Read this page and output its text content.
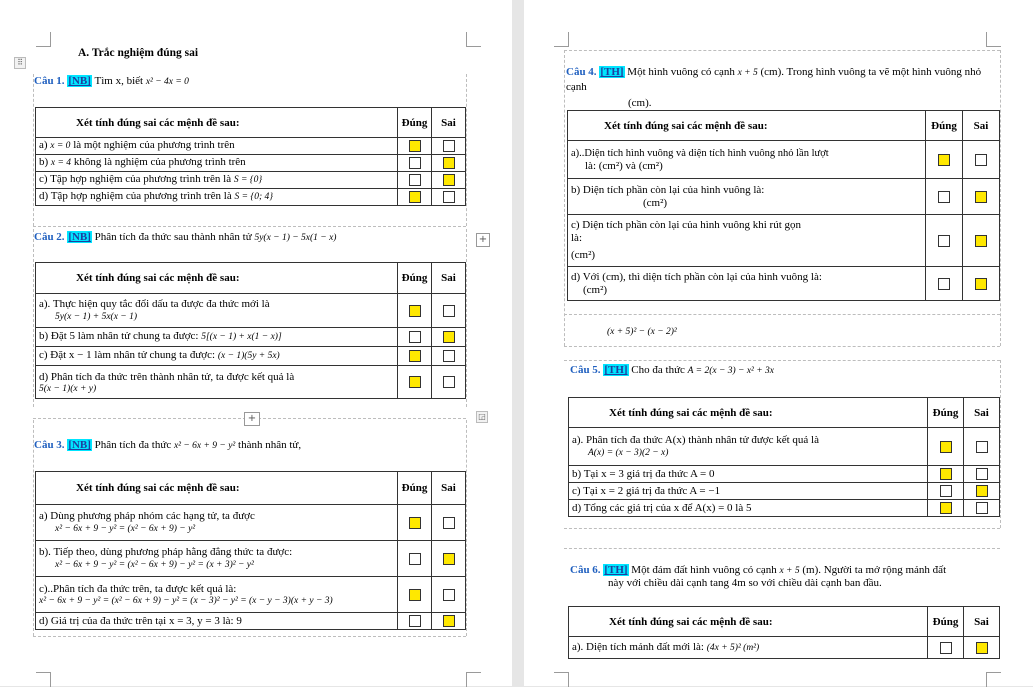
⠿
A. Trắc nghiệm đúng sai
Câu 1. [NB] Tìm x, biết x² − 4x = 0
Xét tính đúng sai các mệnh đề sau:	Đúng	Sai
a) x = 0 là một nghiệm của phương trình trên		
b) x = 4 không là nghiệm của phương trình trên		
c) Tập hợp nghiệm của phương trình trên là S = {0}		
d) Tập hợp nghiệm của phương trình trên là S = {0; 4}		
+
Câu 2. [NB] Phân tích đa thức sau thành nhân tử 5y(x − 1) − 5x(1 − x)
Xét tính đúng sai các mệnh đề sau:	Đúng	Sai

a). Thực hiện quy tắc đổi dấu ta được đa thức mới là
5y(x − 1) + 5x(x − 1)		

b) Đặt 5 làm nhân tử chung ta được: 5[(x − 1) + x(1 − x)]		
c) Đặt x − 1 làm nhân tử chung ta được: (x − 1)(5y + 5x)		

d) Phân tích đa thức trên thành nhân tử, ta được kết quả là
5(x − 1)(x + y)		

+	◲
Câu 3. [NB] Phân tích đa thức x² − 6x + 9 − y² thành nhân tử,
Xét tính đúng sai các mệnh đề sau:	Đúng	Sai

a) Dùng phương pháp nhóm các hạng tử, ta được
x² − 6x + 9 − y² = (x² − 6x + 9) − y²		

b). Tiếp theo, dùng phương pháp hằng đẳng thức ta được:
x² − 6x + 9 − y² = (x² − 6x + 9) − y² = (x + 3)² − y²		

c)..Phân tích đa thức trên, ta được kết quả là:
x² − 6x + 9 − y² = (x² − 6x + 9) − y² = (x − 3)² − y² = (x − y − 3)(x + y − 3)		

d) Giá trị của đa thức trên tại x = 3, y = 3 là: 9		
Câu 4. [TH] Một hình vuông có cạnh x + 5 (cm). Trong hình vuông ta vẽ một hình vuông nhỏ cạnh
(cm).
Xét tính đúng sai các mệnh đề sau:	Đúng	Sai

a)..Diện tích hình vuông và diện tích hình vuông nhỏ lần lượt
là: (cm²) và (cm²)		

b) Diện tích phần còn lại của hình vuông là:
(cm²)		

c) Diện tích phần còn lại của hình vuông khi rút gọn
là:
(cm²)		

d) Với (cm), thì diện tích phần còn lại của hình vuông là:
(cm²)		

(x + 5)² − (x − 2)²
Câu 5. [TH] Cho đa thức A = 2(x − 3) − x² + 3x
Xét tính đúng sai các mệnh đề sau:	Đúng	Sai

a). Phân tích đa thức A(x) thành nhân tử được kết quả là
A(x) = (x − 3)(2 − x)		

b) Tại x = 3 giá trị đa thức A = 0		
c) Tại x = 2 giá trị đa thức A = −1		
d) Tổng các giá trị của x để A(x) = 0 là 5		
Câu 6. [TH] Một đám đất hình vuông có cạnh x + 5 (m). Người ta mở rộng mảnh đất
này với chiều dài cạnh tang 4m so với chiều dài cạnh ban đầu.
Xét tính đúng sai các mệnh đề sau:	Đúng	Sai
a). Diện tích mảnh đất mới là: (4x + 5)² (m²)		
